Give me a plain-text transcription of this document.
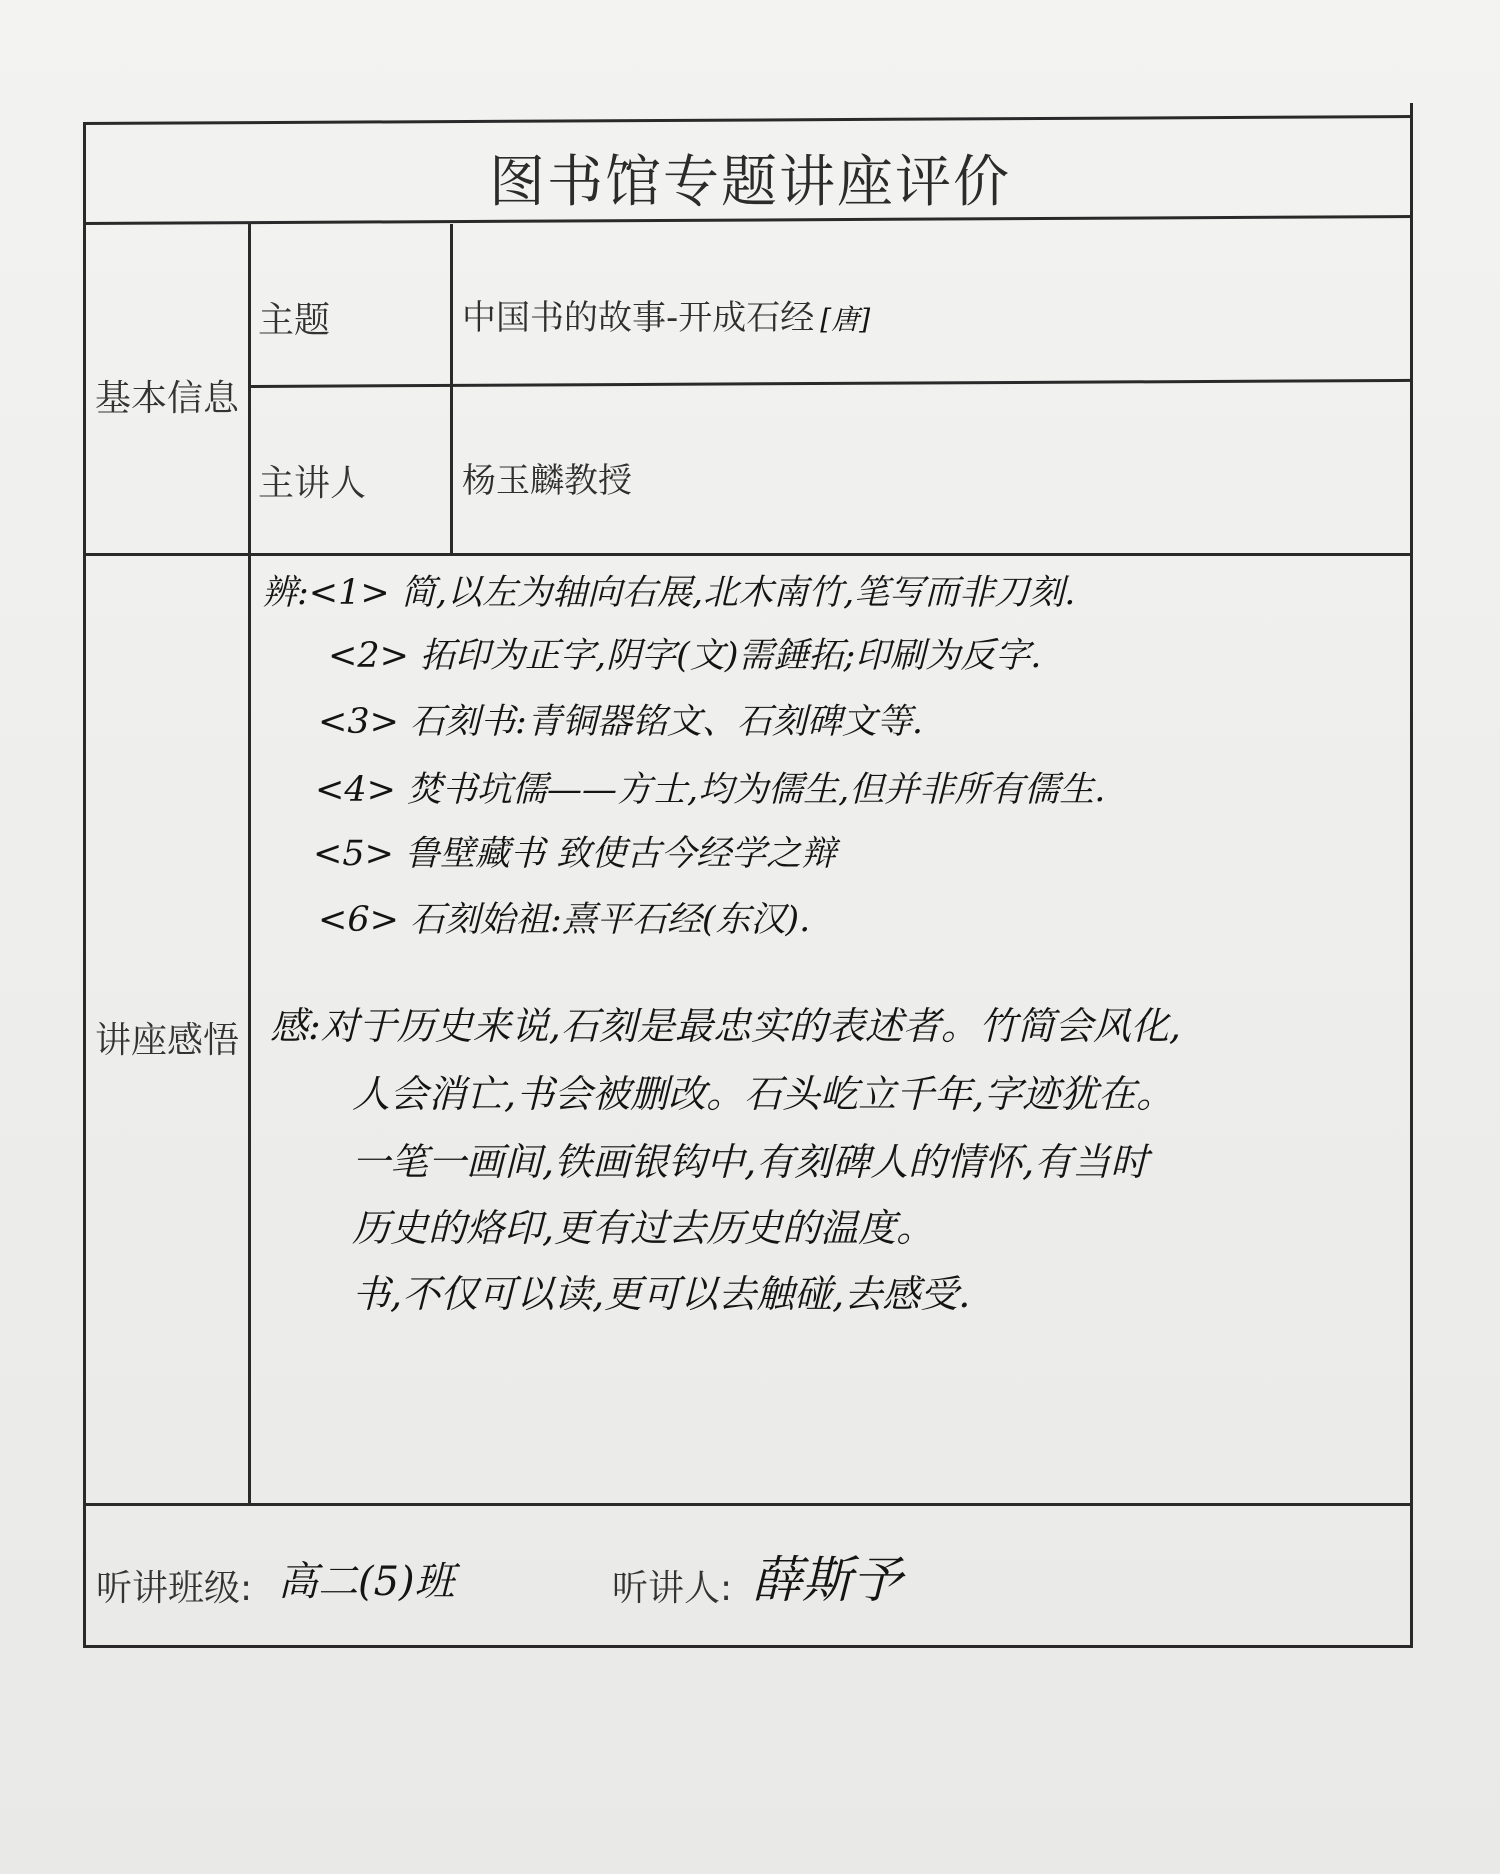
图书馆专题讲座评价
基本信息
主题	中国书的故事-开成石经 [唐]
主讲人	杨玉麟教授
讲座感悟
辨:<1> 简,以左为轴向右展,北木南竹,笔写而非刀刻.
<2> 拓印为正字,阴字(文)需錘拓;印刷为反字.
<3> 石刻书:青铜器铭文、石刻碑文等.
<4> 焚书坑儒——方士,均为儒生,但并非所有儒生.
<5> 鲁壁藏书 致使古今经学之辩
<6> 石刻始祖:熹平石经(东汉).
感:对于历史来说,石刻是最忠实的表述者。竹简会风化,
人会消亡,书会被删改。石头屹立千年,字迹犹在。
一笔一画间,铁画银钩中,有刻碑人的情怀,有当时
历史的烙印,更有过去历史的温度。
书,不仅可以读,更可以去触碰,去感受.
听讲班级: 高二(5)班	听讲人: 薛斯予
